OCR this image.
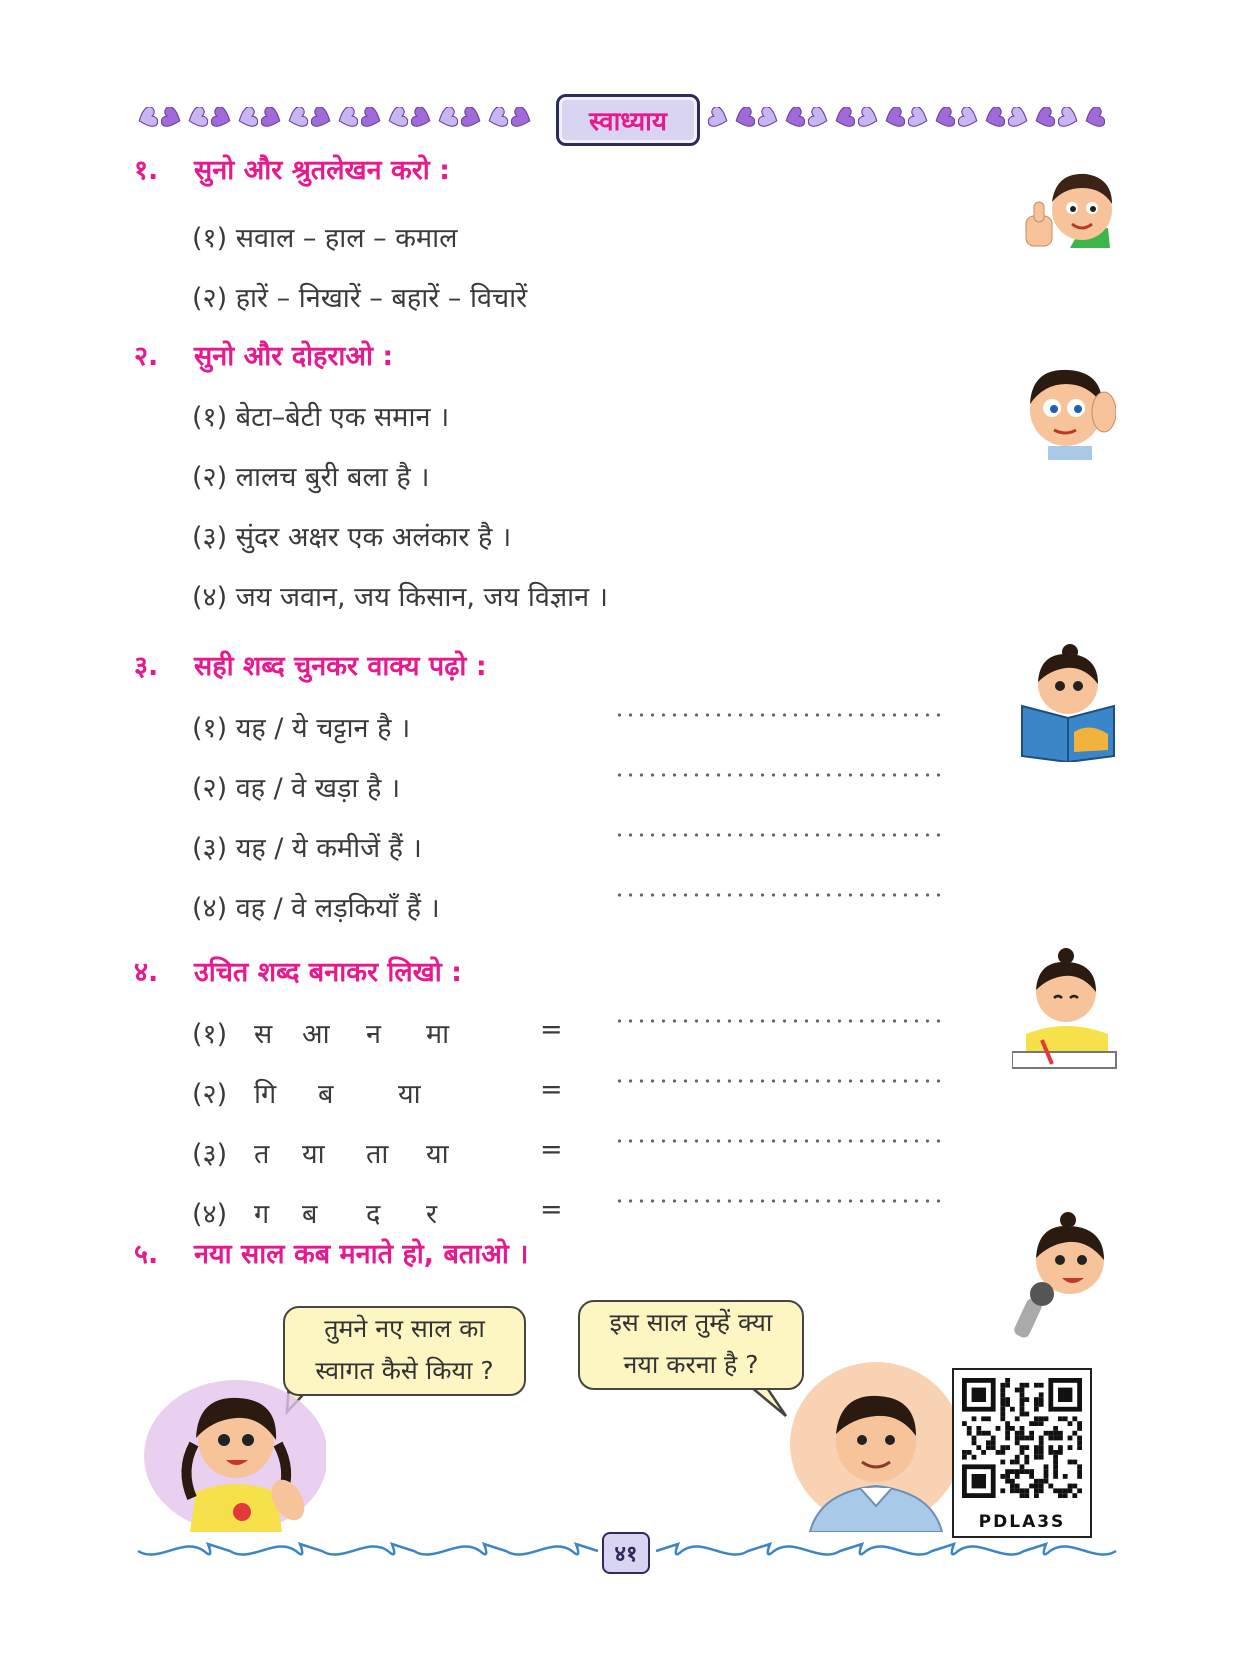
स्वाध्याय
१. सुनो और श्रुतलेखन करो :
(१) सवाल – हाल – कमाल
(२) हारें – निखारें – बहारें – विचारें
२. सुनो और दोहराओ :
(१) बेटा–बेटी एक समान ।
(२) लालच बुरी बला है ।
(३) सुंदर अक्षर एक अलंकार है ।
(४) जय जवान, जय किसान, जय विज्ञान ।
३. सही शब्द चुनकर वाक्य पढ़ो :
(१) यह / ये चट्टान है ।
(२) वह / वे खड़ा है ।
(३) यह / ये कमीजें हैं ।
(४) वह / वे लड़कियाँ हैं ।
४. उचित शब्द बनाकर लिखो :
(१) स आ न मा	=
(२) गि ब या	=
(३) त या ता या	=
(४) ग ब द र	=
५. नया साल कब मनाते हो, बताओ ।
तुमने नए साल का
स्वागत कैसे किया ?
इस साल तुम्हें क्या
नया करना है ?
PDLA3S
४१
